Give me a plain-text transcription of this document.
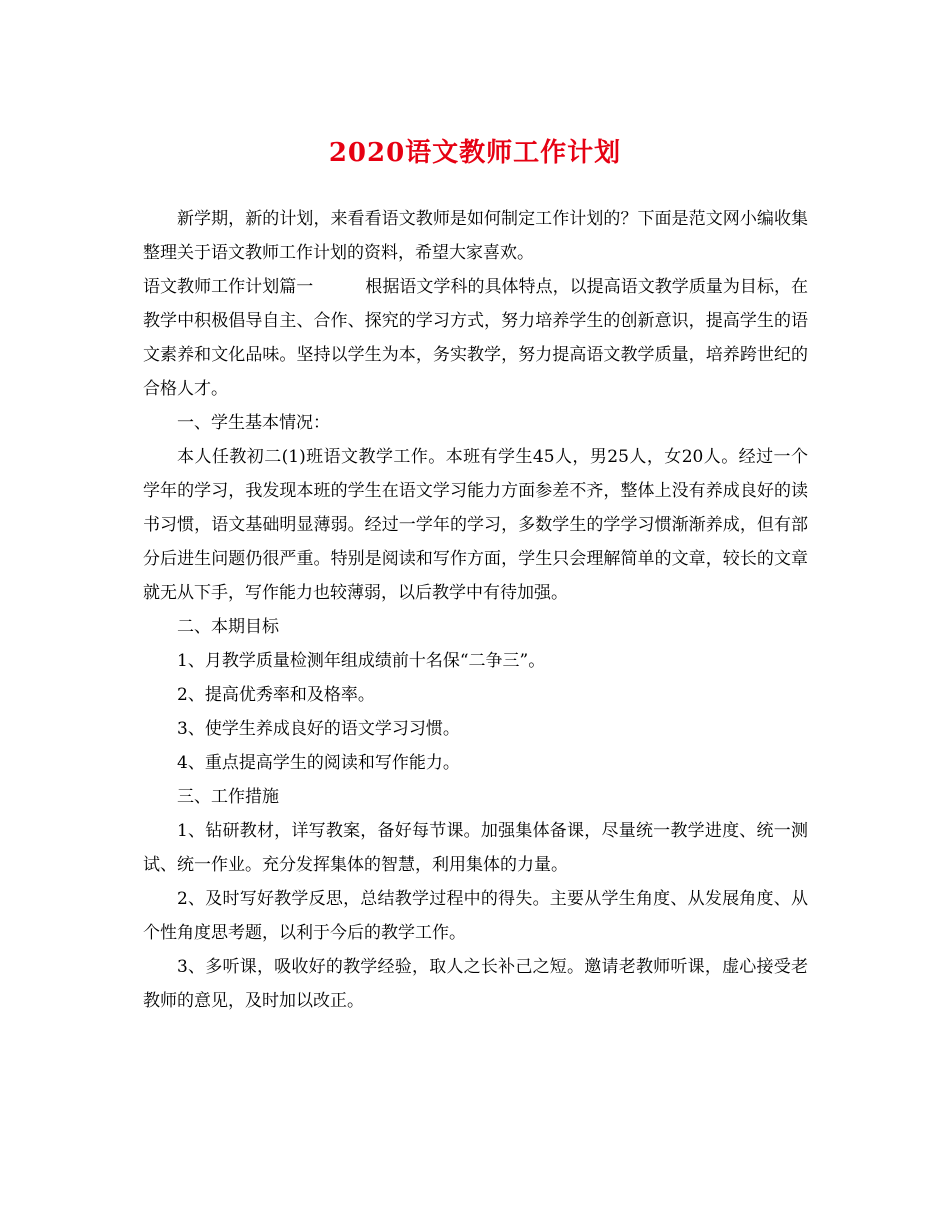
2020语文教师工作计划

新学期，新的计划，来看看语文教师是如何制定工作计划的？下面是范文网小编收集整理关于语文教师工作计划的资料，希望大家喜欢。

语文教师工作计划篇一	根据语文学科的具体特点，以提高语文教学质量为目标，在教学中积极倡导自主、合作、探究的学习方式，努力培养学生的创新意识，提高学生的语文素养和文化品味。坚持以学生为本，务实教学，努力提高语文教学质量，培养跨世纪的合格人才。

一、学生基本情况：

本人任教初二(1)班语文教学工作。本班有学生45人，男25人，女20人。经过一个学年的学习，我发现本班的学生在语文学习能力方面参差不齐，整体上没有养成良好的读书习惯，语文基础明显薄弱。经过一学年的学习，多数学生的学学习惯渐渐养成，但有部分后进生问题仍很严重。特别是阅读和写作方面，学生只会理解简单的文章，较长的文章就无从下手，写作能力也较薄弱，以后教学中有待加强。

二、本期目标

1、月教学质量检测年组成绩前十名保“二争三”。

2、提高优秀率和及格率。

3、使学生养成良好的语文学习习惯。

4、重点提高学生的阅读和写作能力。

三、工作措施

1、钻研教材，详写教案，备好每节课。加强集体备课，尽量统一教学进度、统一测试、统一作业。充分发挥集体的智慧，利用集体的力量。

2、及时写好教学反思，总结教学过程中的得失。主要从学生角度、从发展角度、从个性角度思考题，以利于今后的教学工作。

3、多听课，吸收好的教学经验，取人之长补己之短。邀请老教师听课，虚心接受老教师的意见，及时加以改正。
